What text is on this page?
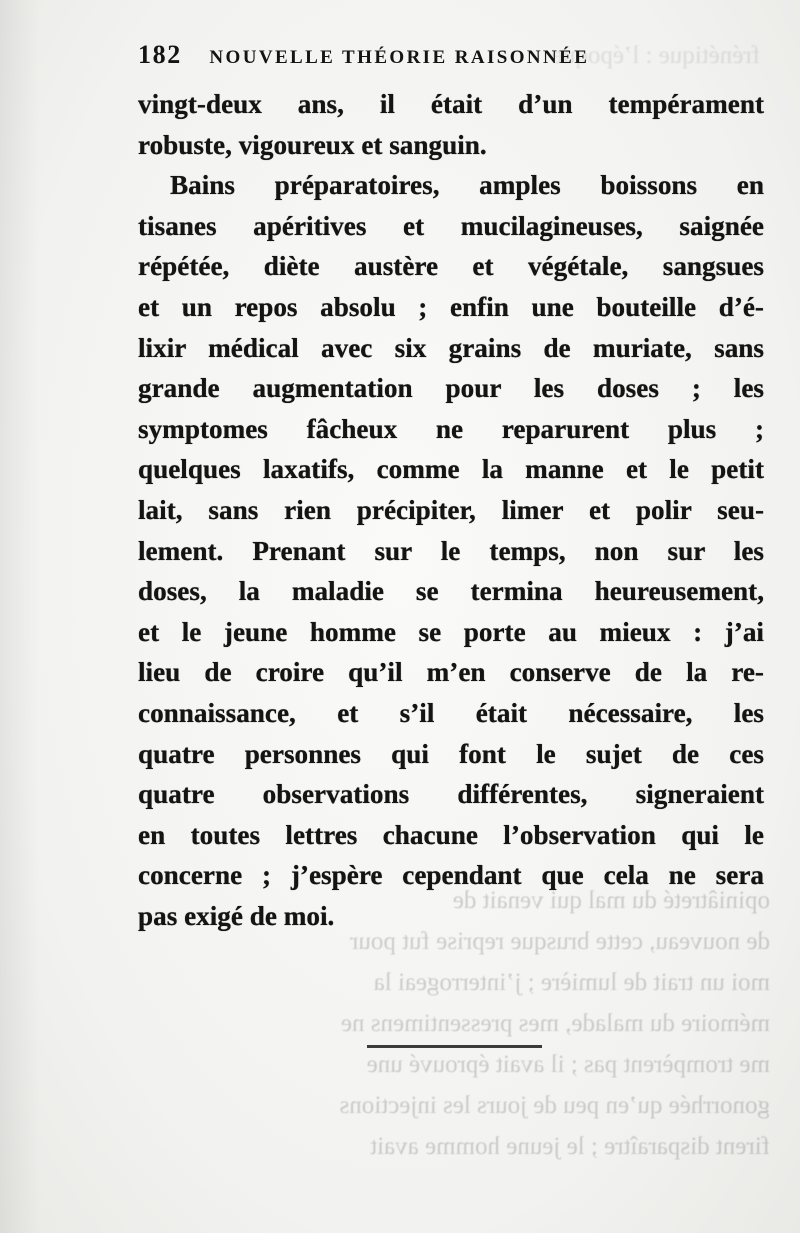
frénétique : l’époque
opiniâtreté du mal qui venait de
de nouveau, cette brusque reprise fut pour
moi un trait de lumière ; j’interrogeai la
mémoire du malade, mes pressentimens ne
me trompèrent pas ; il avait éprouvé une
gonorrhée qu’en peu de jours les injections
firent disparaître ; le jeune homme avait
182 NOUVELLE THÉORIE RAISONNÉE
vingt-deux ans, il était d’un tempérament
robuste, vigoureux et sanguin.
Bains préparatoires, amples boissons en
tisanes apéritives et mucilagineuses, saignée
répétée, diète austère et végétale, sangsues
et un repos absolu ; enfin une bouteille d’é-
lixir médical avec six grains de muriate, sans
grande augmentation pour les doses ; les
symptomes fâcheux ne reparurent plus ;
quelques laxatifs, comme la manne et le petit
lait, sans rien précipiter, limer et polir seu-
lement. Prenant sur le temps, non sur les
doses, la maladie se termina heureusement,
et le jeune homme se porte au mieux : j’ai
lieu de croire qu’il m’en conserve de la re-
connaissance, et s’il était nécessaire, les
quatre personnes qui font le sujet de ces
quatre observations différentes, signeraient
en toutes lettres chacune l’observation qui le
concerne ; j’espère cependant que cela ne sera
pas exigé de moi.
